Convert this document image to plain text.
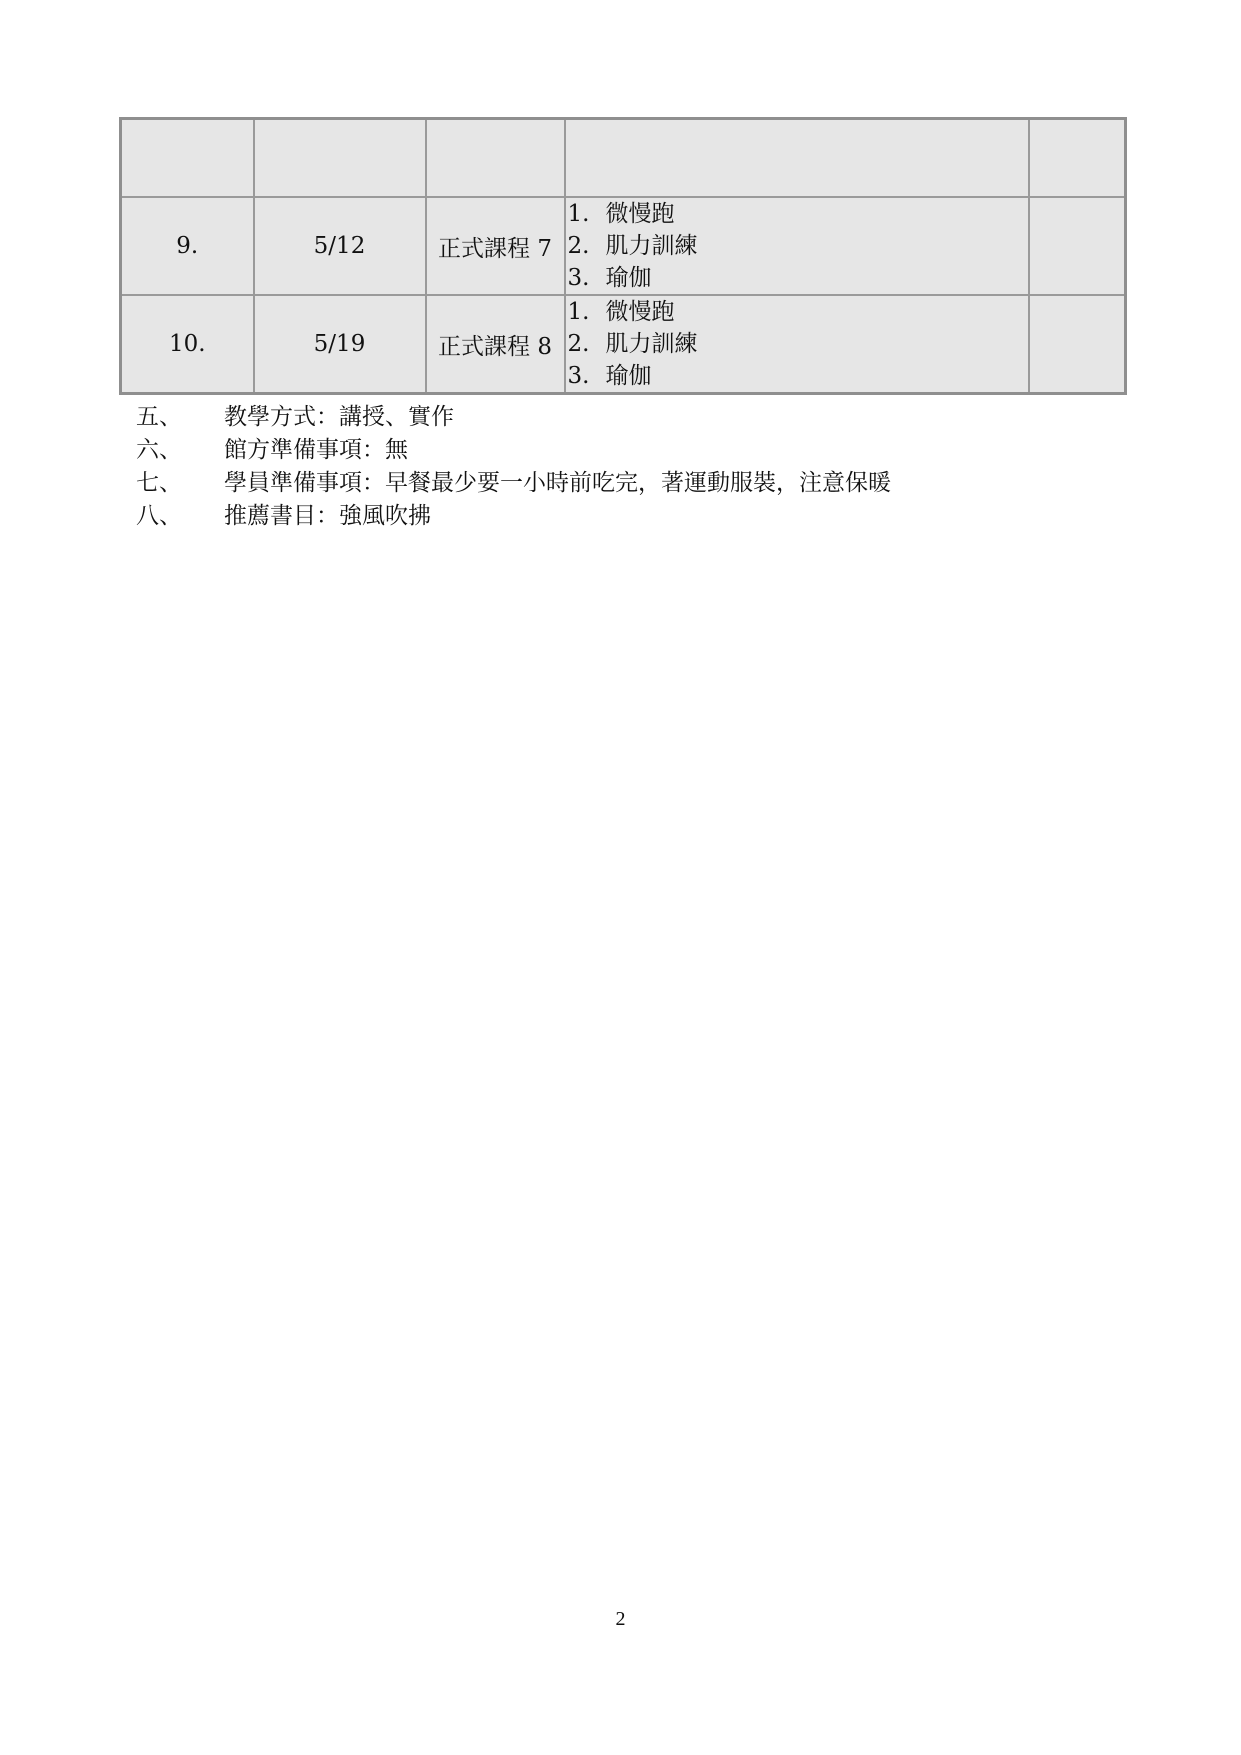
9.	5/12	正式課程 7	1. 微慢跑
2. 肌力訓練
3. 瑜伽	

10.	5/19	正式課程 8	1. 微慢跑
2. 肌力訓練
3. 瑜伽	

五、 教學方式：講授、實作
六、 館方準備事項：無
七、 學員準備事項：早餐最少要一小時前吃完，著運動服裝，注意保暖
八、 推薦書目：強風吹拂
2
